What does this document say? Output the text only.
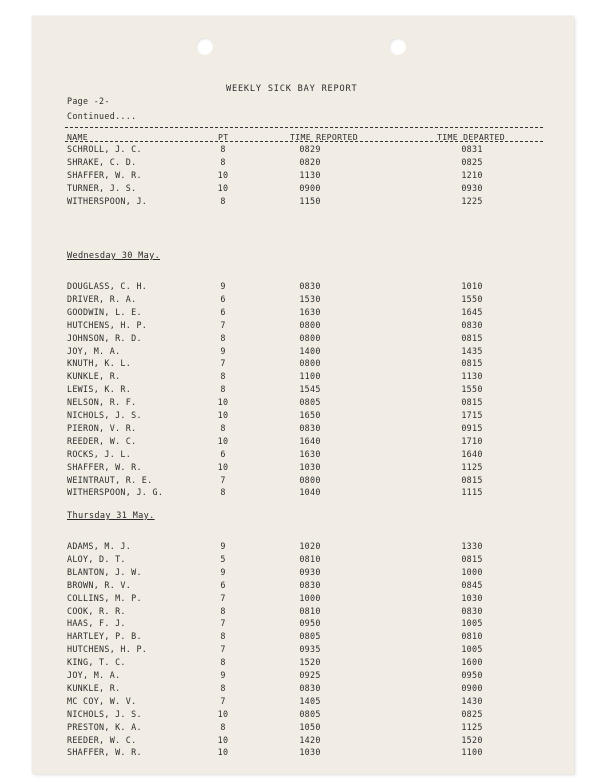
WEEKLY SICK BAY REPORT
Page -2-
Continued....
NAME	PT	TIME REPORTED	TIME DEPARTED
SCHROLL, J. C.	8	0829	0831
SHRAKE, C. D.	8	0820	0825
SHAFFER, W. R.	10	1130	1210
TURNER, J. S.	10	0900	0930
WITHERSPOON, J.	8	1150	1225
Wednesday 30 May.
DOUGLASS, C. H.	9	0830	1010
DRIVER, R. A.	6	1530	1550
GOODWIN, L. E.	6	1630	1645
HUTCHENS, H. P.	7	0800	0830
JOHNSON, R. D.	8	0800	0815
JOY, M. A.	9	1400	1435
KNUTH, K. L.	7	0800	0815
KUNKLE, R.	8	1100	1130
LEWIS, K. R.	8	1545	1550
NELSON, R. F.	10	0805	0815
NICHOLS, J. S.	10	1650	1715
PIERON, V. R.	8	0830	0915
REEDER, W. C.	10	1640	1710
ROCKS, J. L.	6	1630	1640
SHAFFER, W. R.	10	1030	1125
WEINTRAUT, R. E.	7	0800	0815
WITHERSPOON, J. G.	8	1040	1115
Thursday 31 May.
ADAMS, M. J.	9	1020	1330
ALOY, D. T.	5	0810	0815
BLANTON, J. W.	9	0930	1000
BROWN, R. V.	6	0830	0845
COLLINS, M. P.	7	1000	1030
COOK, R. R.	8	0810	0830
HAAS, F. J.	7	0950	1005
HARTLEY, P. B.	8	0805	0810
HUTCHENS, H. P.	7	0935	1005
KING, T. C.	8	1520	1600
JOY, M. A.	9	0925	0950
KUNKLE, R.	8	0830	0900
MC COY, W. V.	7	1405	1430
NICHOLS, J. S.	10	0805	0825
PRESTON, K. A.	8	1050	1125
REEDER, W. C.	10	1420	1520
SHAFFER, W. R.	10	1030	1100
